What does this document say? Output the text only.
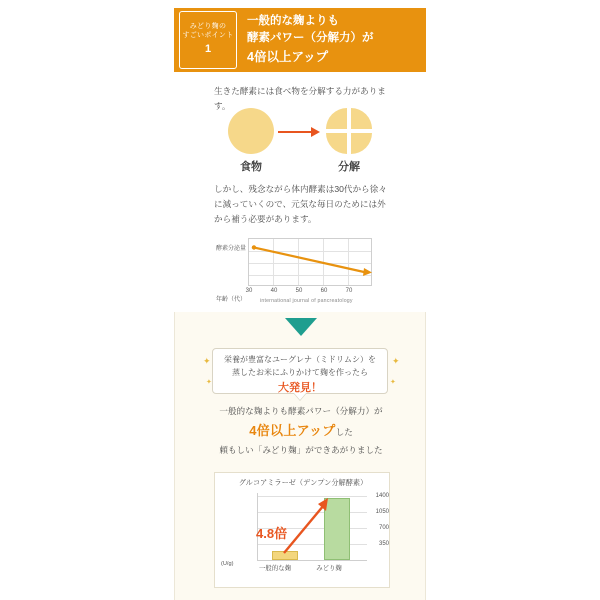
みどり麹の
すごいポイント
1
一般的な麹よりも
酵素パワー（分解力）が
4倍以上アップ
生きた酵素には食べ物を分解する力があります。
食物	分解
しかし、残念ながら体内酵素は30代から徐々に減っていくので、元気な毎日のためには外から補う必要があります。
酵素分泌量
年齢（代）
30	40	50	60	70
international journal of pancreatology
栄養が豊富なユーグレナ（ミドリムシ）を
蒸したお米にふりかけて麹を作ったら
大発見！
✦	✦
✦	✦
一般的な麹よりも酵素パワー（分解力）が
4倍以上アップした
頼もしい「みどり麹」ができあがりました
グルコアミラーゼ（デンプン分解酵素）
1400
1050
700
350
(U/g)
4.8倍
一般的な麹	みどり麹
